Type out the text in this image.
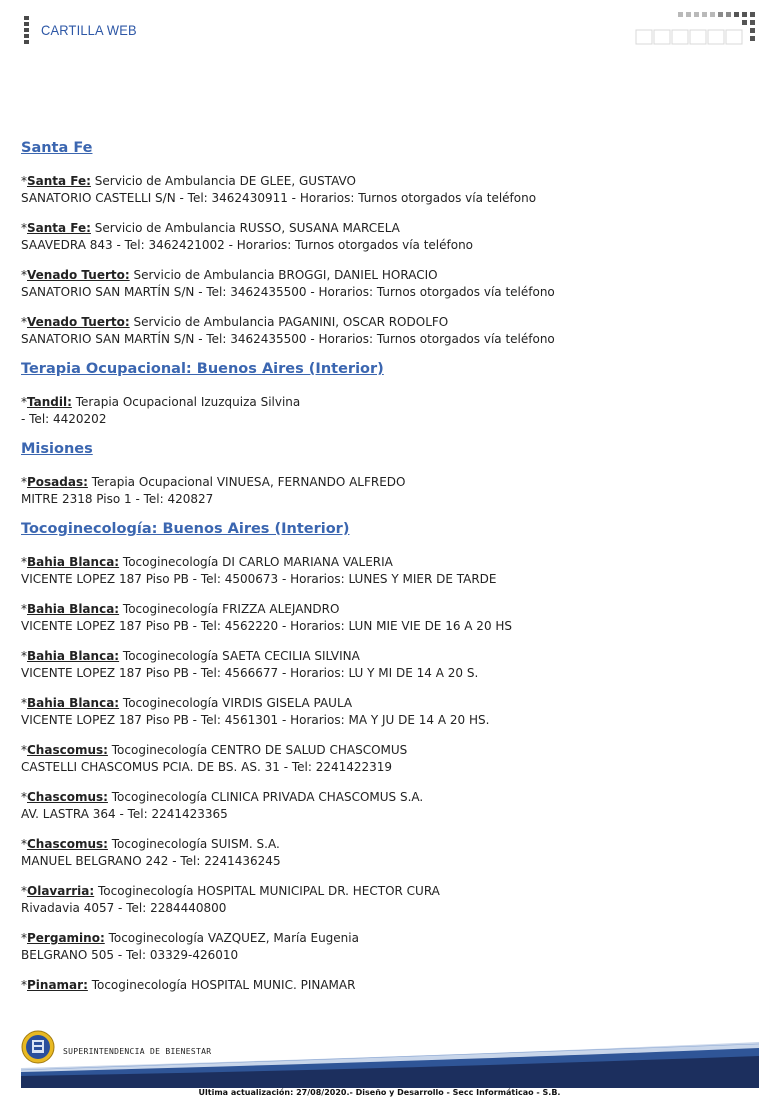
CARTILLA WEB
Santa Fe

*Santa Fe: Servicio de Ambulancia DE GLEE, GUSTAVO

SANATORIO CASTELLI S/N - Tel: 3462430911 - Horarios: Turnos otorgados vía teléfono

*Santa Fe: Servicio de Ambulancia RUSSO, SUSANA MARCELA

SAAVEDRA 843 - Tel: 3462421002 - Horarios: Turnos otorgados vía teléfono

*Venado Tuerto: Servicio de Ambulancia BROGGI, DANIEL HORACIO

SANATORIO SAN MARTÍN S/N - Tel: 3462435500 - Horarios: Turnos otorgados vía teléfono

*Venado Tuerto: Servicio de Ambulancia PAGANINI, OSCAR RODOLFO

SANATORIO SAN MARTÍN S/N - Tel: 3462435500 - Horarios: Turnos otorgados vía teléfono

Terapia Ocupacional: Buenos Aires (Interior)

*Tandil: Terapia Ocupacional Izuzquiza Silvina

- Tel: 4420202

Misiones

*Posadas: Terapia Ocupacional VINUESA, FERNANDO ALFREDO

MITRE 2318 Piso 1 - Tel: 420827

Tocoginecología: Buenos Aires (Interior)

*Bahia Blanca: Tocoginecología DI CARLO MARIANA VALERIA

VICENTE LOPEZ 187 Piso PB - Tel: 4500673 - Horarios: LUNES Y MIER DE TARDE

*Bahia Blanca: Tocoginecología FRIZZA ALEJANDRO

VICENTE LOPEZ 187 Piso PB - Tel: 4562220 - Horarios: LUN MIE VIE DE 16 A 20 HS

*Bahia Blanca: Tocoginecología SAETA CECILIA SILVINA

VICENTE LOPEZ 187 Piso PB - Tel: 4566677 - Horarios: LU Y MI DE 14 A 20 S.

*Bahia Blanca: Tocoginecología VIRDIS GISELA PAULA

VICENTE LOPEZ 187 Piso PB - Tel: 4561301 - Horarios: MA Y JU DE 14 A 20 HS.

*Chascomus: Tocoginecología CENTRO DE SALUD CHASCOMUS

CASTELLI CHASCOMUS PCIA. DE BS. AS. 31 - Tel: 2241422319

*Chascomus: Tocoginecología CLINICA PRIVADA CHASCOMUS S.A.

AV. LASTRA 364 - Tel: 2241423365

*Chascomus: Tocoginecología SUISM. S.A.

MANUEL BELGRANO 242 - Tel: 2241436245

*Olavarria: Tocoginecología HOSPITAL MUNICIPAL DR. HECTOR CURA

Rivadavia 4057 - Tel: 2284440800

*Pergamino: Tocoginecología VAZQUEZ, María Eugenia

BELGRANO 505 - Tel: 03329-426010

*Pinamar: Tocoginecología HOSPITAL MUNIC. PINAMAR

SUPERINTENDENCIA DE BIENESTAR
Ultima actualización: 27/08/2020.- Diseño y Desarrollo - Secc Informáticao - S.B.
